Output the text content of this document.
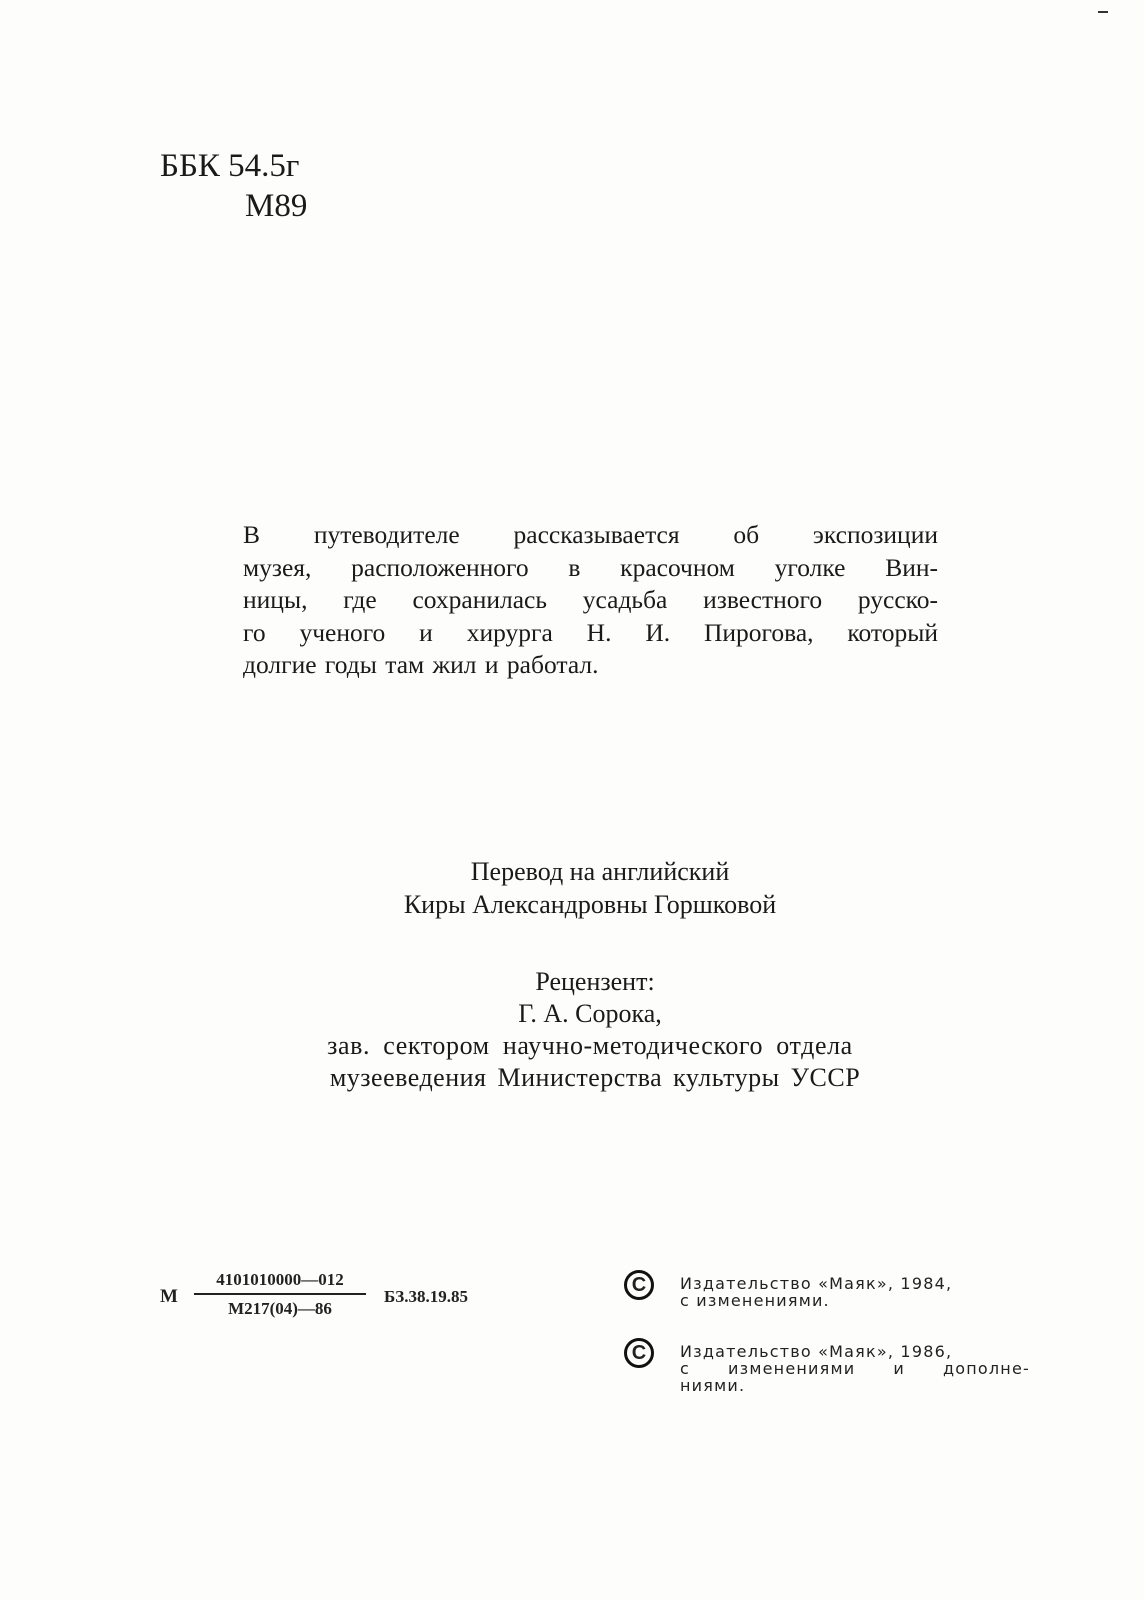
ББК 54.5г
М89
В путеводителе рассказывается об экспозиции
музея, расположенного в красочном уголке Вин-
ницы, где сохранилась усадьба известного русско-
го ученого и хирурга Н. И. Пирогова, который
долгие годы там жил и работал.
Перевод на английский
Киры Александровны Горшковой
Рецензент:
Г. А. Сорока,
зав. сектором научно-методического отдела
музееведения Министерства культуры УССР
М
4101010000—012
М217(04)—86
БЗ.38.19.85
C	Издательство «Маяк», 1984,
с изменениями.
C	Издательство «Маяк», 1986,
с изменениями и дополне-
ниями.
